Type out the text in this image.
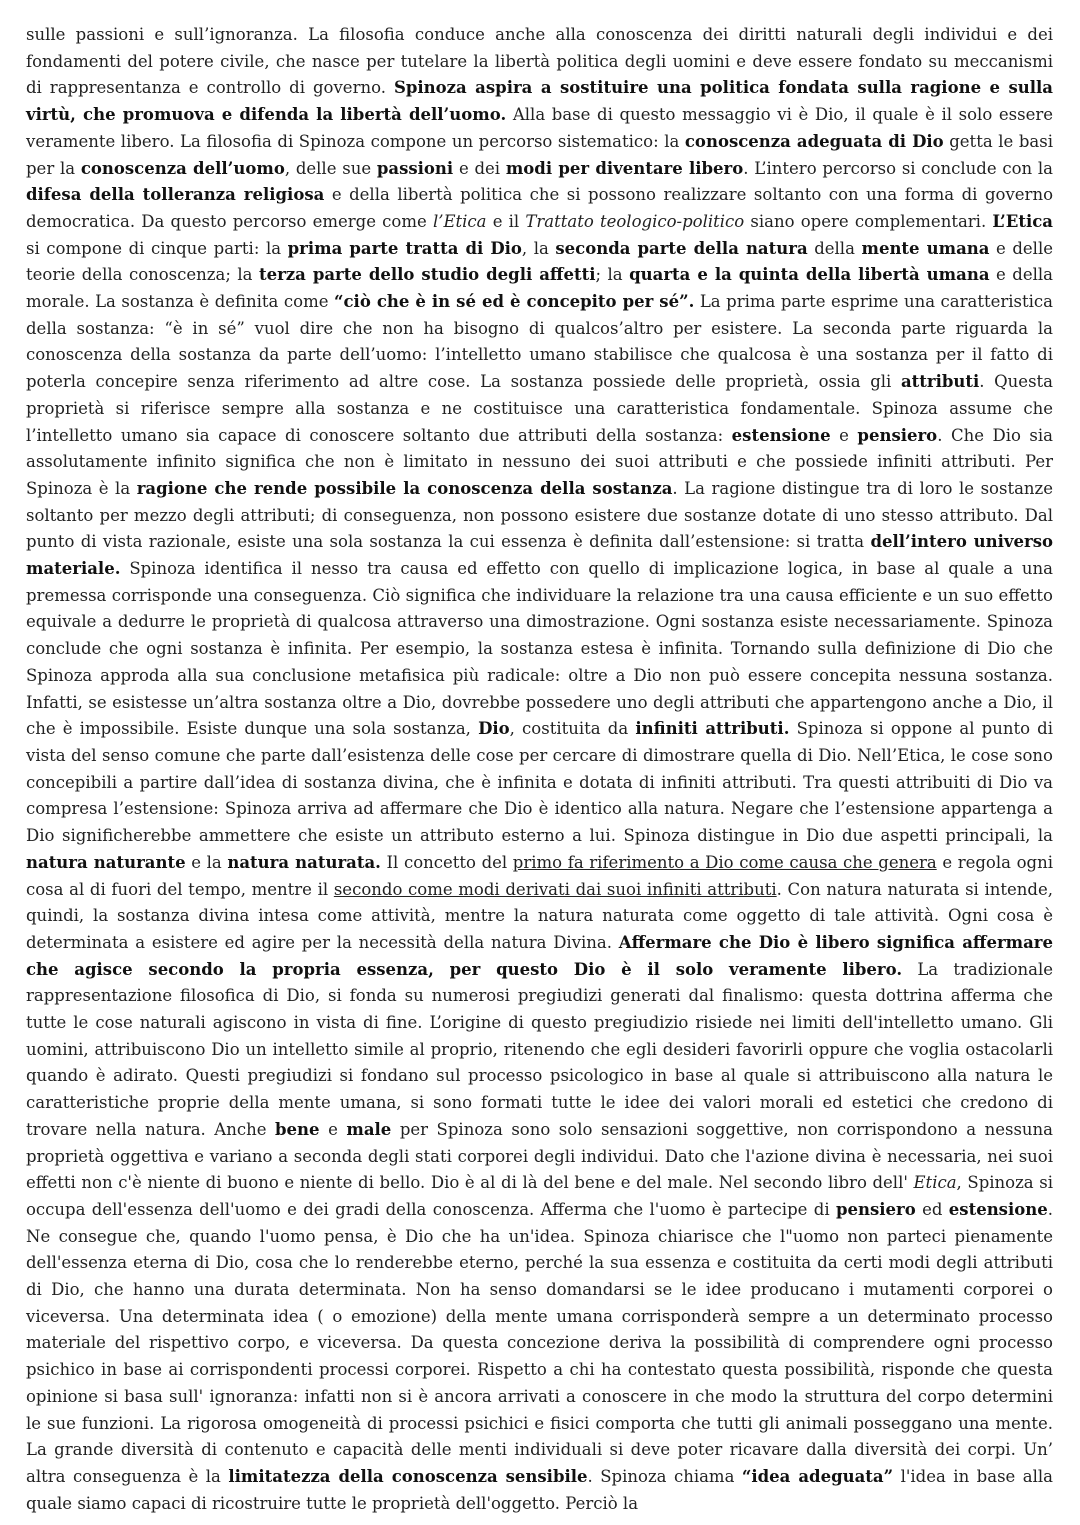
sulle passioni e sull’ignoranza. La filosofia conduce anche alla conoscenza dei diritti naturali degli individui e dei fondamenti del potere civile, che nasce per tutelare la libertà politica degli uomini e deve essere fondato su meccanismi di rappresentanza e controllo di governo. Spinoza aspira a sostituire una politica fondata sulla ragione e sulla virtù, che promuova e difenda la libertà dell’uomo. Alla base di questo messaggio vi è Dio, il quale è il solo essere veramente libero. La filosofia di Spinoza compone un percorso sistematico: la conoscenza adeguata di Dio getta le basi per la conoscenza dell’uomo, delle sue passioni e dei modi per diventare libero. L’intero percorso si conclude con la difesa della tolleranza religiosa e della libertà politica che si possono realizzare soltanto con una forma di governo democratica. Da questo percorso emerge come l’Etica e il Trattato teologico-politico siano opere complementari. L’Etica si compone di cinque parti: la prima parte tratta di Dio, la seconda parte della natura della mente umana e delle teorie della conoscenza; la terza parte dello studio degli affetti; la quarta e la quinta della libertà umana e della morale. La sostanza è definita come “ciò che è in sé ed è concepito per sé”. La prima parte esprime una caratteristica della sostanza: “è in sé” vuol dire che non ha bisogno di qualcos’altro per esistere. La seconda parte riguarda la conoscenza della sostanza da parte dell’uomo: l’intelletto umano stabilisce che qualcosa è una sostanza per il fatto di poterla concepire senza riferimento ad altre cose. La sostanza possiede delle proprietà, ossia gli attributi. Questa proprietà si riferisce sempre alla sostanza e ne costituisce una caratteristica fondamentale. Spinoza assume che l’intelletto umano sia capace di conoscere soltanto due attributi della sostanza: estensione e pensiero. Che Dio sia assolutamente infinito significa che non è limitato in nessuno dei suoi attributi e che possiede infiniti attributi. Per Spinoza è la ragione che rende possibile la conoscenza della sostanza. La ragione distingue tra di loro le sostanze soltanto per mezzo degli attributi; di conseguenza, non possono esistere due sostanze dotate di uno stesso attributo. Dal punto di vista razionale, esiste una sola sostanza la cui essenza è definita dall’estensione: si tratta dell’intero universo materiale. Spinoza identifica il nesso tra causa ed effetto con quello di implicazione logica, in base al quale a una premessa corrisponde una conseguenza. Ciò significa che individuare la relazione tra una causa efficiente e un suo effetto equivale a dedurre le proprietà di qualcosa attraverso una dimostrazione. Ogni sostanza esiste necessariamente. Spinoza conclude che ogni sostanza è infinita. Per esempio, la sostanza estesa è infinita. Tornando sulla definizione di Dio che Spinoza approda alla sua conclusione metafisica più radicale: oltre a Dio non può essere concepita nessuna sostanza. Infatti, se esistesse un’altra sostanza oltre a Dio, dovrebbe possedere uno degli attributi che appartengono anche a Dio, il che è impossibile. Esiste dunque una sola sostanza, Dio, costituita da infiniti attributi. Spinoza si oppone al punto di vista del senso comune che parte dall’esistenza delle cose per cercare di dimostrare quella di Dio. Nell’Etica, le cose sono concepibili a partire dall’idea di sostanza divina, che è infinita e dotata di infiniti attributi. Tra questi attribuiti di Dio va compresa l’estensione: Spinoza arriva ad affermare che Dio è identico alla natura. Negare che l’estensione appartenga a Dio significherebbe ammettere che esiste un attributo esterno a lui. Spinoza distingue in Dio due aspetti principali, la natura naturante e la natura naturata. Il concetto del primo fa riferimento a Dio come causa che genera e regola ogni cosa al di fuori del tempo, mentre il secondo come modi derivati dai suoi infiniti attributi. Con natura naturata si intende, quindi, la sostanza divina intesa come attività, mentre la natura naturata come oggetto di tale attività. Ogni cosa è determinata a esistere ed agire per la necessità della natura Divina. Affermare che Dio è libero significa affermare che agisce secondo la propria essenza, per questo Dio è il solo veramente libero. La tradizionale rappresentazione filosofica di Dio, si fonda su numerosi pregiudizi generati dal finalismo: questa dottrina afferma che tutte le cose naturali agiscono in vista di fine. L’origine di questo pregiudizio risiede nei limiti dell'intelletto umano. Gli uomini, attribuiscono Dio un intelletto simile al proprio, ritenendo che egli desideri favorirli oppure che voglia ostacolarli quando è adirato. Questi pregiudizi si fondano sul processo psicologico in base al quale si attribuiscono alla natura le caratteristiche proprie della mente umana, si sono formati tutte le idee dei valori morali ed estetici che credono di trovare nella natura. Anche bene e male per Spinoza sono solo sensazioni soggettive, non corrispondono a nessuna proprietà oggettiva e variano a seconda degli stati corporei degli individui. Dato che l'azione divina è necessaria, nei suoi effetti non c'è niente di buono e niente di bello. Dio è al di là del bene e del male. Nel secondo libro dell' Etica, Spinoza si occupa dell'essenza dell'uomo e dei gradi della conoscenza. Afferma che l'uomo è partecipe di pensiero ed estensione. Ne consegue che, quando l'uomo pensa, è Dio che ha un'idea. Spinoza chiarisce che l"uomo non parteci pienamente dell'essenza eterna di Dio, cosa che lo renderebbe eterno, perché la sua essenza e costituita da certi modi degli attributi di Dio, che hanno una durata determinata. Non ha senso domandarsi se le idee producano i mutamenti corporei o viceversa. Una determinata idea ( o emozione) della mente umana corrisponderà sempre a un determinato processo materiale del rispettivo corpo, e viceversa. Da questa concezione deriva la possibilità di comprendere ogni processo psichico in base ai corrispondenti processi corporei. Rispetto a chi ha contestato questa possibilità, risponde che questa opinione si basa sull' ignoranza: infatti non si è ancora arrivati a conoscere in che modo la struttura del corpo determini le sue funzioni. La rigorosa omogeneità di processi psichici e fisici comporta che tutti gli animali posseggano una mente. La grande diversità di contenuto e capacità delle menti individuali si deve poter ricavare dalla diversità dei corpi. Un’ altra conseguenza è la limitatezza della conoscenza sensibile. Spinoza chiama “idea adeguata” l'idea in base alla quale siamo capaci di ricostruire tutte le proprietà dell'oggetto. Perciò la
